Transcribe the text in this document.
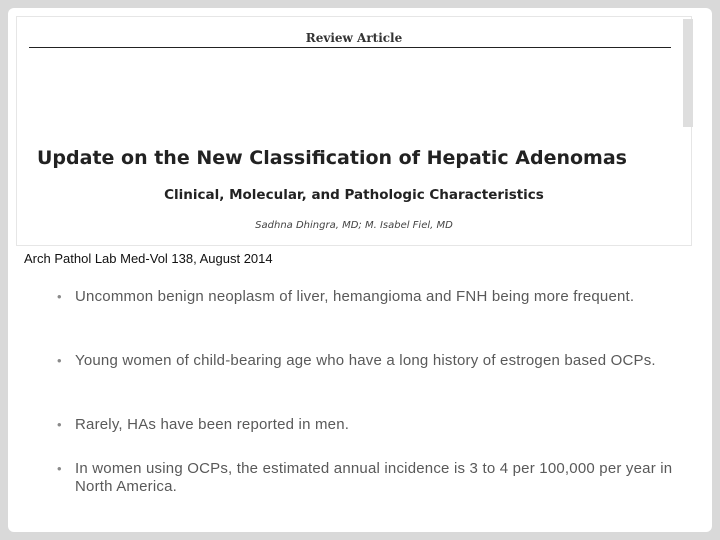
Review Article
Update on the New Classification of Hepatic Adenomas
Clinical, Molecular, and Pathologic Characteristics
Sadhna Dhingra, MD; M. Isabel Fiel, MD
Arch Pathol Lab Med-Vol 138, August 2014
• Uncommon benign neoplasm of liver, hemangioma and FNH being more frequent.
• Young women of child-bearing age who have a long history of estrogen based OCPs.
• Rarely, HAs have been reported in men.
• In women using OCPs, the estimated annual incidence is 3 to 4 per 100,000 per year in North America.
